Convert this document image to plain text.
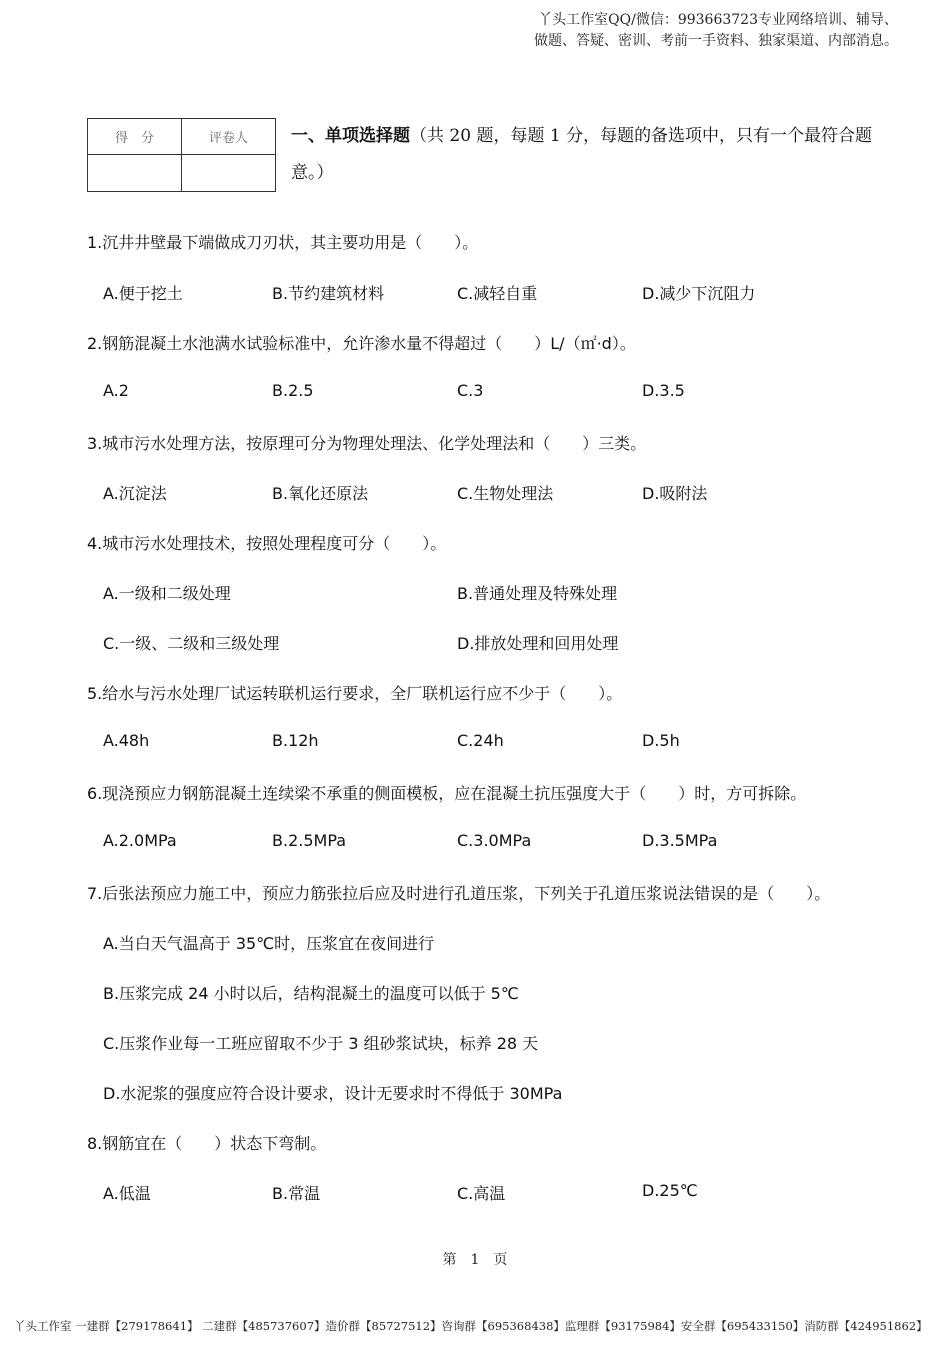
丫头工作室QQ/微信：993663723专业网络培训、辅导、
做题、答疑、密训、考前一手资料、独家渠道、内部消息。
得　分	评卷人
		一、单项选择题（共 20 题，每题 1 分，每题的备选项中，只有一个最符合题意。）
1.沉井井壁最下端做成刀刃状，其主要功用是（　　）。
A.便于挖土	B.节约建筑材料	C.减轻自重	D.减少下沉阻力
2.钢筋混凝土水池满水试验标准中，允许渗水量不得超过（　　）L/（㎡·d）。
A.2	B.2.5	C.3	D.3.5
3.城市污水处理方法，按原理可分为物理处理法、化学处理法和（　　）三类。
A.沉淀法	B.氧化还原法	C.生物处理法	D.吸附法
4.城市污水处理技术，按照处理程度可分（　　）。
A.一级和二级处理	B.普通处理及特殊处理
C.一级、二级和三级处理	D.排放处理和回用处理
5.给水与污水处理厂试运转联机运行要求，全厂联机运行应不少于（　　）。
A.48h	B.12h	C.24h	D.5h
6.现浇预应力钢筋混凝土连续梁不承重的侧面模板，应在混凝土抗压强度大于（　　）时，方可拆除。
A.2.0MPa	B.2.5MPa	C.3.0MPa	D.3.5MPa
7.后张法预应力施工中，预应力筋张拉后应及时进行孔道压浆，下列关于孔道压浆说法错误的是（　　）。
A.当白天气温高于 35℃时，压浆宜在夜间进行
B.压浆完成 24 小时以后，结构混凝土的温度可以低于 5℃
C.压浆作业每一工班应留取不少于 3 组砂浆试块，标养 28 天
D.水泥浆的强度应符合设计要求，设计无要求时不得低于 30MPa
8.钢筋宜在（　　）状态下弯制。
A.低温	B.常温	C.高温	D.25℃
第　1　页
丫头工作室 一建群【279178641】 二建群【485737607】造价群【85727512】咨询群【695368438】监理群【93175984】安全群【695433150】消防群【424951862】
